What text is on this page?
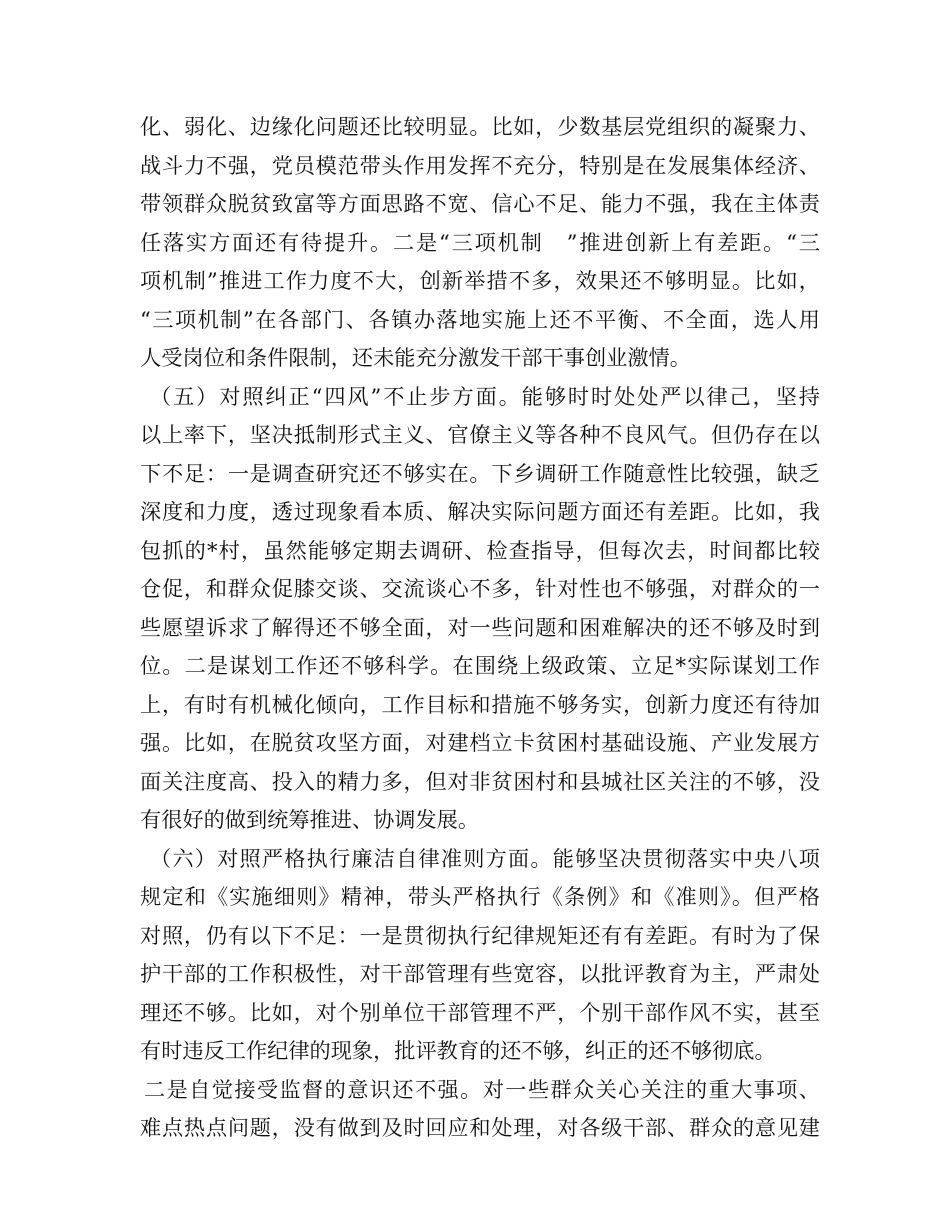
化、弱化、边缘化问题还比较明显。比如，少数基层党组织的凝聚力、
战斗力不强，党员模范带头作用发挥不充分，特别是在发展集体经济、
带领群众脱贫致富等方面思路不宽、信心不足、能力不强，我在主体责
任落实方面还有待提升。二是“三项机制　”推进创新上有差距。“三
项机制”推进工作力度不大，创新举措不多，效果还不够明显。比如，
“三项机制”在各部门、各镇办落地实施上还不平衡、不全面，选人用
人受岗位和条件限制，还未能充分激发干部干事创业激情。
（五）对照纠正“四风”不止步方面。能够时时处处严以律己，坚持
以上率下，坚决抵制形式主义、官僚主义等各种不良风气。但仍存在以
下不足：一是调查研究还不够实在。下乡调研工作随意性比较强，缺乏
深度和力度，透过现象看本质、解决实际问题方面还有差距。比如，我
包抓的*村，虽然能够定期去调研、检查指导，但每次去，时间都比较
仓促，和群众促膝交谈、交流谈心不多，针对性也不够强，对群众的一
些愿望诉求了解得还不够全面，对一些问题和困难解决的还不够及时到
位。二是谋划工作还不够科学。在围绕上级政策、立足*实际谋划工作
上，有时有机械化倾向，工作目标和措施不够务实，创新力度还有待加
强。比如，在脱贫攻坚方面，对建档立卡贫困村基础设施、产业发展方
面关注度高、投入的精力多，但对非贫困村和县城社区关注的不够，没
有很好的做到统筹推进、协调发展。
（六）对照严格执行廉洁自律准则方面。能够坚决贯彻落实中央八项
规定和《实施细则》精神，带头严格执行《条例》和《准则》。但严格
对照，仍有以下不足：一是贯彻执行纪律规矩还有有差距。有时为了保
护干部的工作积极性，对干部管理有些宽容，以批评教育为主，严肃处
理还不够。比如，对个别单位干部管理不严，个别干部作风不实，甚至
有时违反工作纪律的现象，批评教育的还不够，纠正的还不够彻底。
二是自觉接受监督的意识还不强。对一些群众关心关注的重大事项、
难点热点问题，没有做到及时回应和处理，对各级干部、群众的意见建
